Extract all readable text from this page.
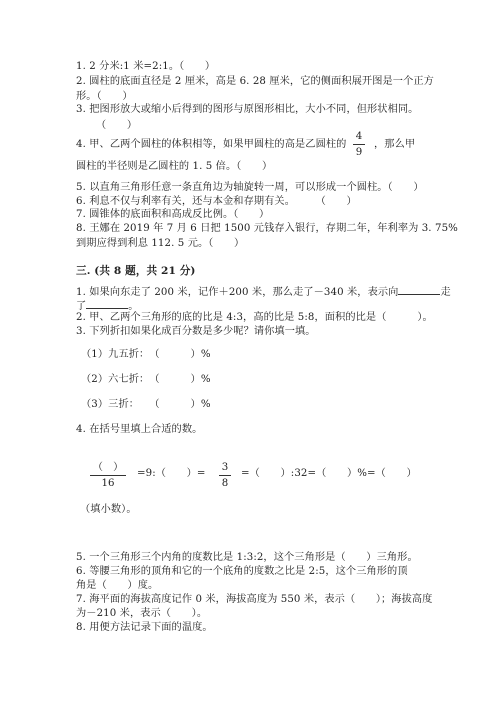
1. 2 分米:1 米=2:1。（　　）
2. 圆柱的底面直径是 2 厘米，高是 6. 28 厘米，它的侧面积展开图是一个正方
形。（　　）
3. 把图形放大或缩小后得到的图形与原图形相比，大小不同，但形状相同。
（　　）
4. 甲、乙两个圆柱的体积相等，如果甲圆柱的高是乙圆柱的
4
9
，那么甲
圆柱的半径则是乙圆柱的 1. 5 倍。（　　）
5. 以直角三角形任意一条直角边为轴旋转一周，可以形成一个圆柱。（　　）
6. 利息不仅与利率有关，还与本金和存期有关。　　　（　　）
7. 圆锥体的底面积和高成反比例。（　　）
8. 王娜在 2019 年 7 月 6 日把 1500 元钱存入银行，存期二年，年利率为 3. 75%
到期应得到利息 112. 5 元。（　　）
三. (共 8 题，共 21 分)
1. 如果向东走了 200 米，记作＋200 米，那么走了－340 米，表示向	走
了	。
2. 甲、乙两个三角形的底的比是 4:3，高的比是 5:8，面积的比是（　　　）。
3. 下列折扣如果化成百分数是多少呢？请你填一填。
（1）九五折：　（　　　）%
（2）六七折：　（　　　）%
（3）三折：　　（　　　）%
4. 在括号里填上合适的数。
（　）
16
=9:（　　）=
3
8
=（　　）:32=（　　）%=（　　）
（填小数）。
5. 一个三角形三个内角的度数比是 1:3:2，这个三角形是（　　）三角形。
6. 等腰三角形的顶角和它的一个底角的度数之比是 2:5，这个三角形的顶
角是（　　）度。
7. 海平面的海拔高度记作 0 米，海拔高度为 550 米，表示（　　）；海拔高度
为－210 米，表示（　　）。
8. 用便方法记录下面的温度。
